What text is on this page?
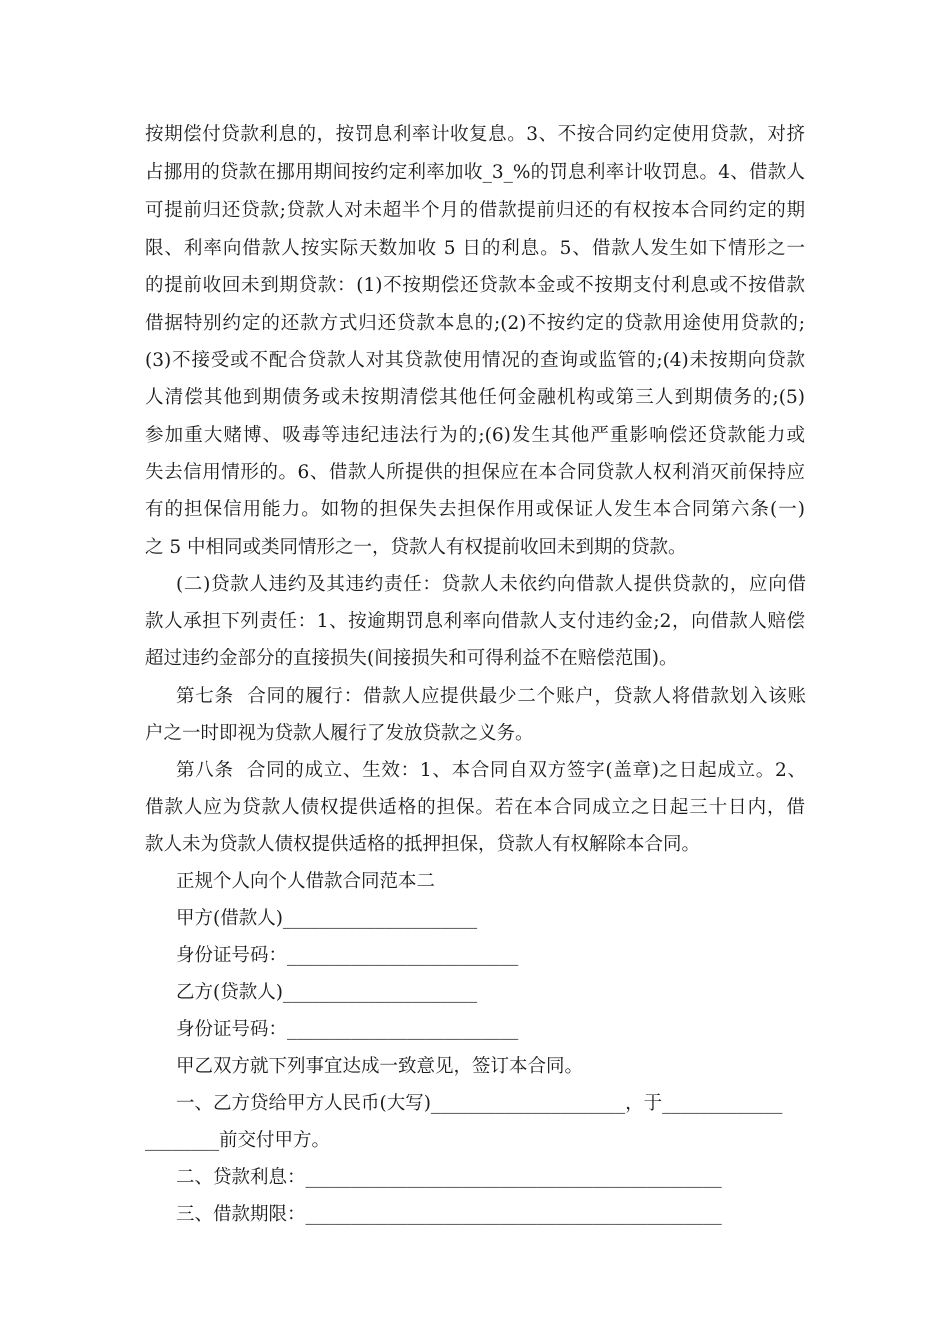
按期偿付贷款利息的，按罚息利率计收复息。3、不按合同约定使用贷款，对挤
占挪用的贷款在挪用期间按约定利率加收_3_%的罚息利率计收罚息。4、借款人
可提前归还贷款;贷款人对未超半个月的借款提前归还的有权按本合同约定的期
限、利率向借款人按实际天数加收 5 日的利息。5、借款人发生如下情形之一
的提前收回未到期贷款：(1)不按期偿还贷款本金或不按期支付利息或不按借款
借据特别约定的还款方式归还贷款本息的;(2)不按约定的贷款用途使用贷款的;
(3)不接受或不配合贷款人对其贷款使用情况的查询或监管的;(4)未按期向贷款
人清偿其他到期债务或未按期清偿其他任何金融机构或第三人到期债务的;(5)
参加重大赌博、吸毒等违纪违法行为的;(6)发生其他严重影响偿还贷款能力或
失去信用情形的。6、借款人所提供的担保应在本合同贷款人权利消灭前保持应
有的担保信用能力。如物的担保失去担保作用或保证人发生本合同第六条(一)
之 5 中相同或类同情形之一，贷款人有权提前收回未到期的贷款。
(二)贷款人违约及其违约责任：贷款人未依约向借款人提供贷款的，应向借
款人承担下列责任：1、按逾期罚息利率向借款人支付违约金;2，向借款人赔偿
超过违约金部分的直接损失(间接损失和可得利益不在赔偿范围)。
第七条  合同的履行：借款人应提供最少二个账户，贷款人将借款划入该账
户之一时即视为贷款人履行了发放贷款之义务。
第八条  合同的成立、生效：1、本合同自双方签字(盖章)之日起成立。2、
借款人应为贷款人债权提供适格的担保。若在本合同成立之日起三十日内，借
款人未为贷款人债权提供适格的抵押担保，贷款人有权解除本合同。
正规个人向个人借款合同范本二
甲方(借款人)_____________________
身份证号码：_________________________
乙方(贷款人)_____________________
身份证号码：_________________________
甲乙双方就下列事宜达成一致意见，签订本合同。
一、乙方贷给甲方人民币(大写)_____________________，于_____________
________前交付甲方。
二、贷款利息：_____________________________________________
三、借款期限：_____________________________________________
